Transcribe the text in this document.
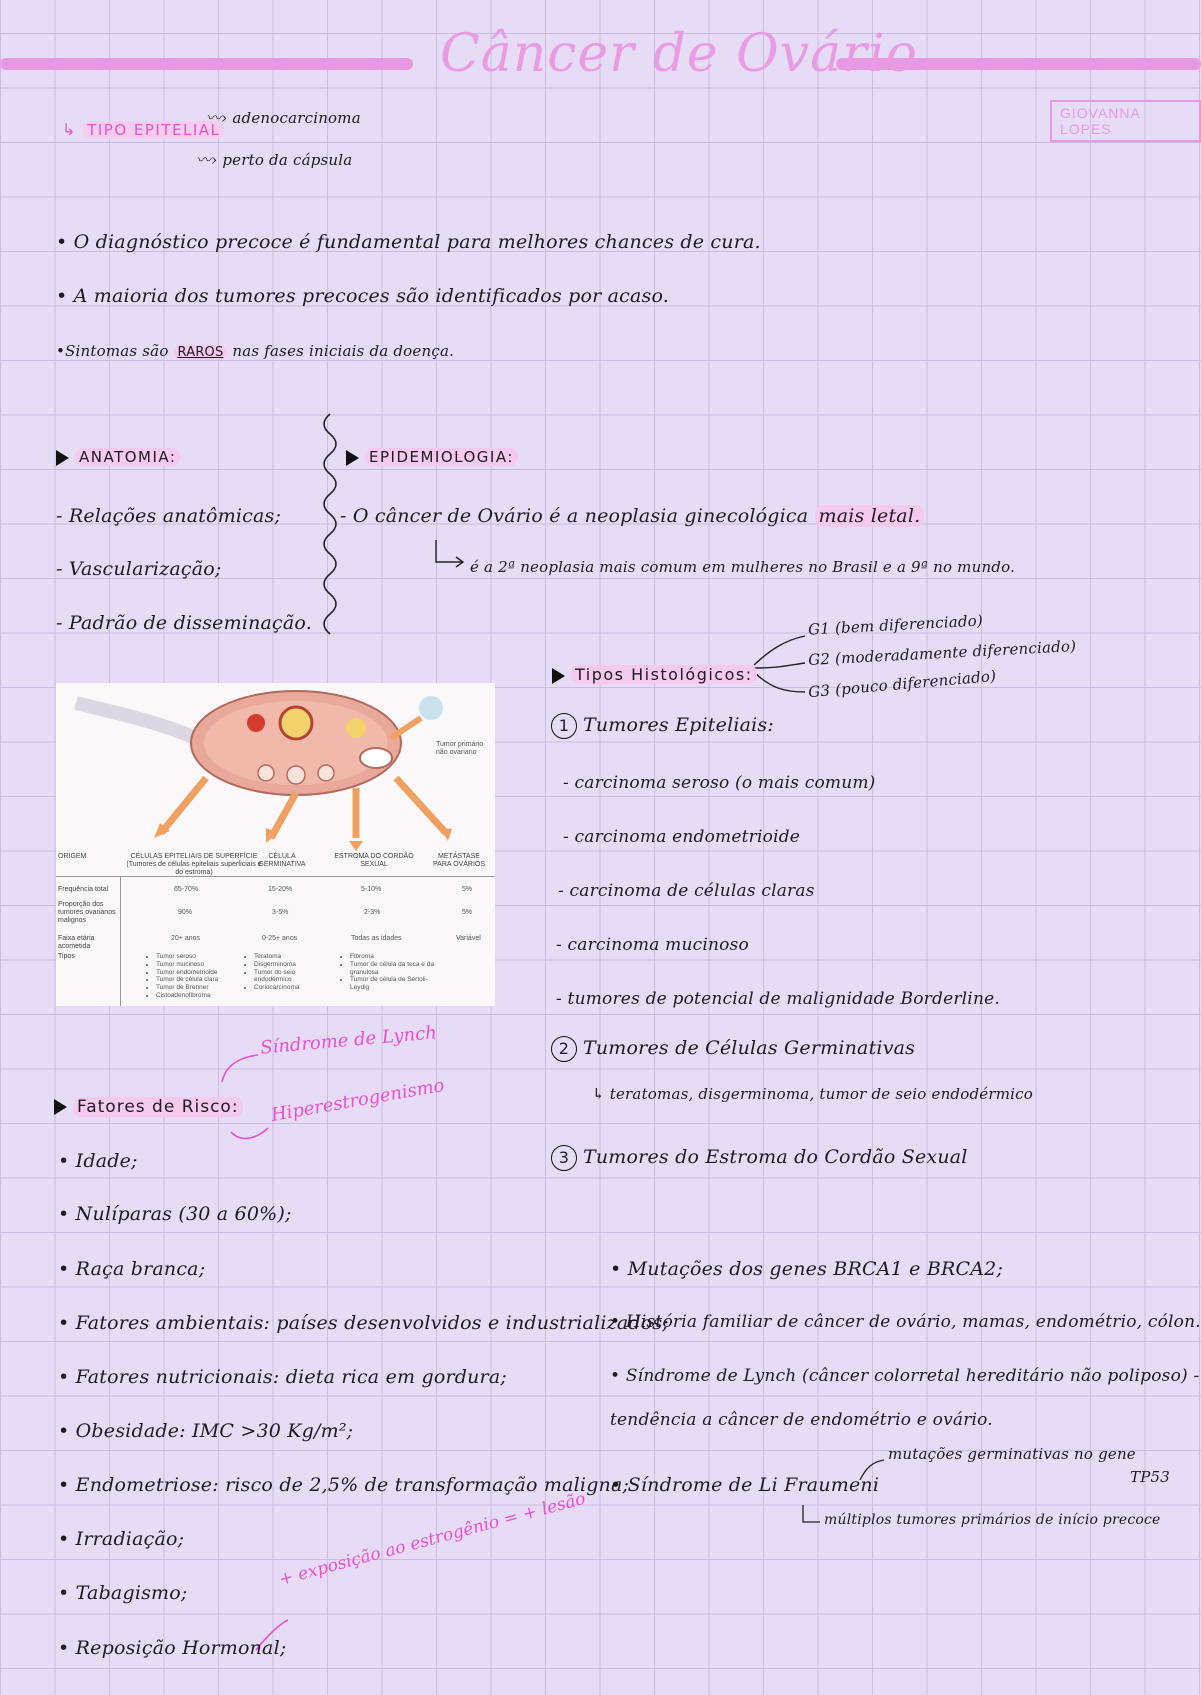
Câncer de Ovário
GIOVANNA LOPES
↳ TIPO EPITELIAL
〰› adenocarcinoma
〰› perto da cápsula
• O diagnóstico precoce é fundamental para melhores chances de cura.
• A maioria dos tumores precoces são identificados por acaso.
•Sintomas são RAROS nas fases iniciais da doença.
ANATOMIA:
- Relações anatômicas;
- Vascularização;
- Padrão de disseminação.
EPIDEMIOLOGIA:
- O câncer de Ovário é a neoplasia ginecológica mais letal.
é a 2ª neoplasia mais comum em mulheres no Brasil e a 9ª no mundo.
Tumor primário não ovariano
ORIGEM	CÉLULAS EPITELIAIS DE SUPERFÍCIE (Tumores de células epiteliais superficiais e do estroma)
CÉLULA GERMINATIVA
ESTROMA DO CORDÃO SEXUAL
METÁSTASE PARA OVÁRIOS
Frequência total	65-70%	15-20%	5-10%	5%
Proporção dos tumores ovarianos malignos
90%	3-5%	2-3%	5%
Faixa etária acometida
20+ anos	0-25+ anos	Todas as idades	Variável
Tipos
•	Tumor seroso
• Tumor mucinoso
• Tumor endometrioide
• Tumor de célula clara
• Tumor de Brenner
• Cistoadenofibroma
• Teratoma
• Disgerminoma
• Tumor do seio endodérmico
• Coriocarcinoma
• Fibroma
• Tumor de célula da teca e da granulosa
• Tumor de célula de Sertoli-Leydig
Tipos Histológicos:
G1 (bem diferenciado)
G2 (moderadamente diferenciado)
G3 (pouco diferenciado)
1 Tumores Epiteliais:
- carcinoma seroso (o mais comum)
- carcinoma endometrioide
- carcinoma de células claras
- carcinoma mucinoso
- tumores de potencial de malignidade Borderline.
2 Tumores de Células Germinativas
↳ teratomas, disgerminoma, tumor de seio endodérmico
3 Tumores do Estroma do Cordão Sexual
Fatores de Risco:
Síndrome de Lynch
Hiperestrogenismo
• Idade;
• Nulíparas (30 a 60%);
• Raça branca;
• Fatores ambientais: países desenvolvidos e industrializados;
• Fatores nutricionais: dieta rica em gordura;
• Obesidade: IMC >30 Kg/m²;
• Endometriose: risco de 2,5% de transformação maligna;
• Irradiação;
• Tabagismo;
• Reposição Hormonal;
+ exposição ao estrogênio = + lesão
• Mutações dos genes BRCA1 e BRCA2;
• História familiar de câncer de ovário, mamas, endométrio, cólon.
• Síndrome de Lynch (câncer colorretal hereditário não poliposo) -
tendência a câncer de endométrio e ovário.
• Síndrome de Li Fraumeni
mutações germinativas no gene
TP53
múltiplos tumores primários de início precoce
